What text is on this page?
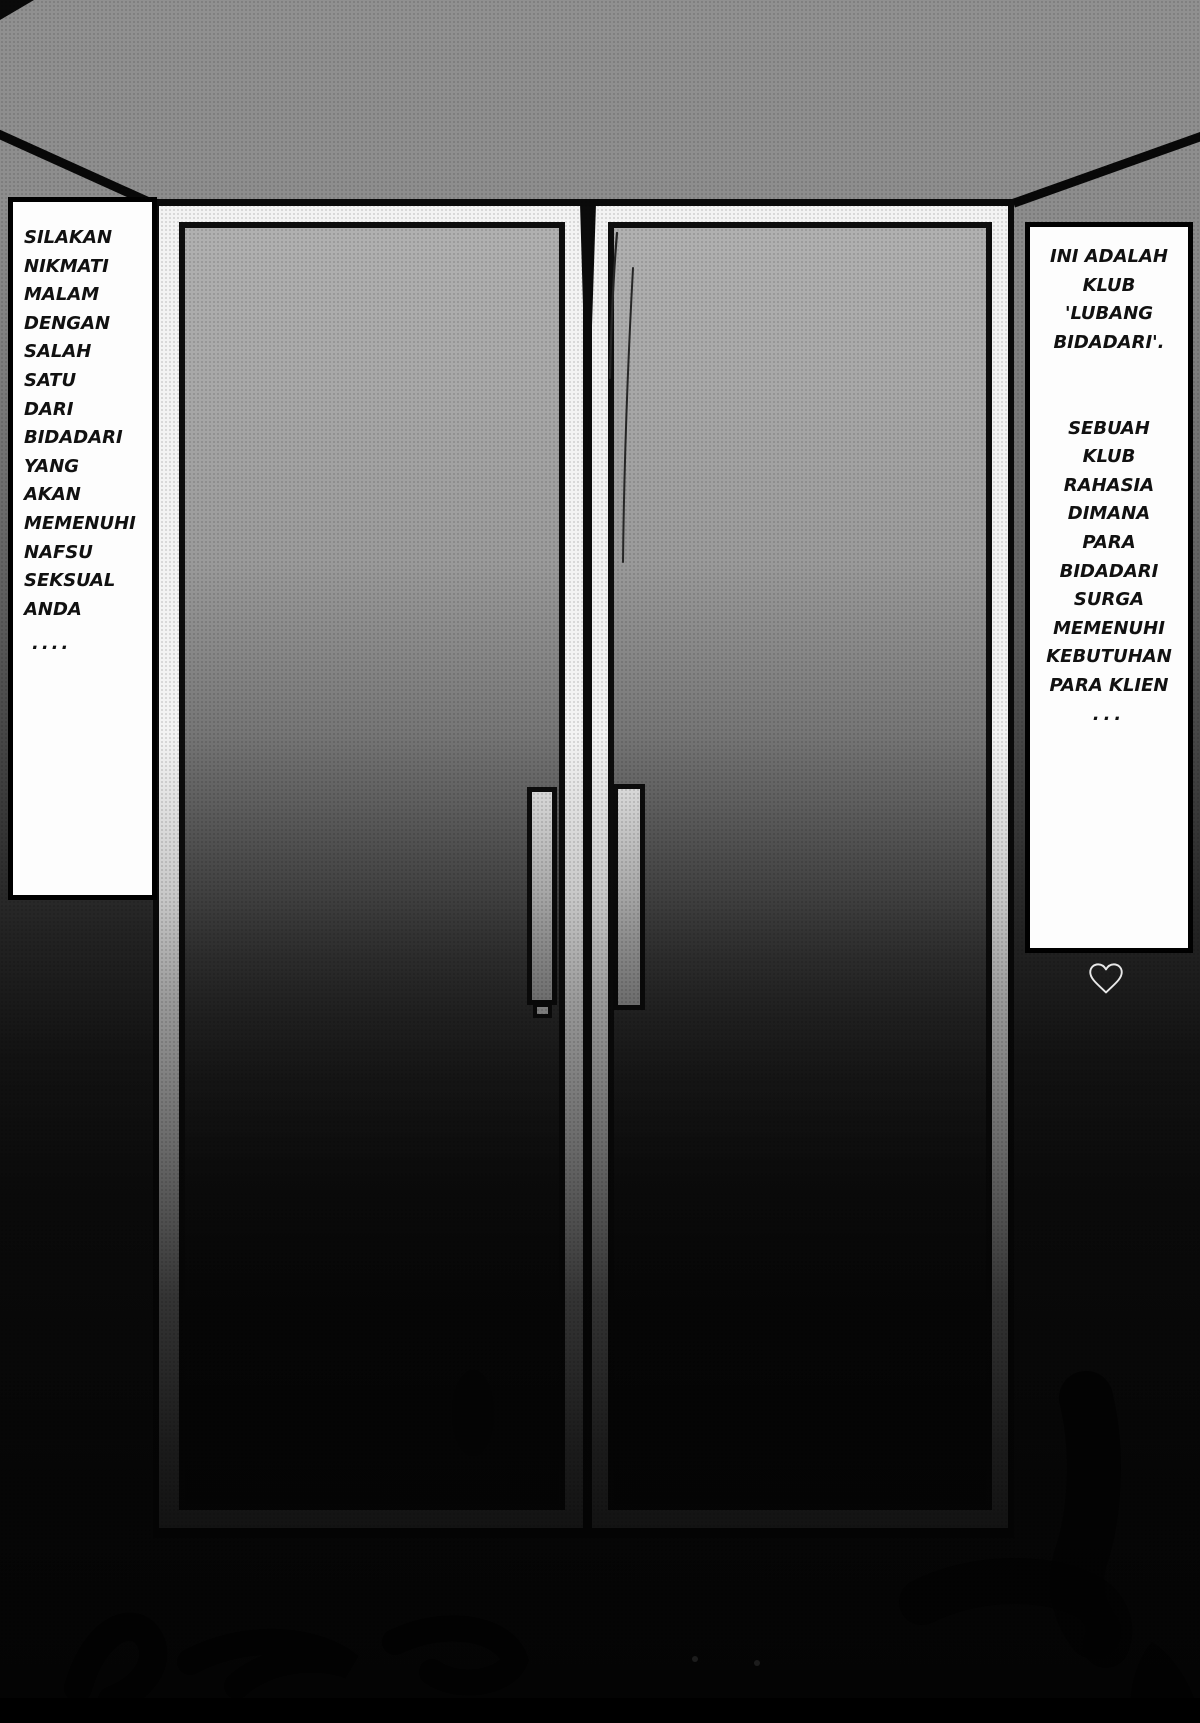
SILAKAN
NIKMATI
MALAM
DENGAN
SALAH
SATU
DARI
BIDADARI
YANG
AKAN
MEMENUHI
NAFSU
SEKSUAL
ANDA
....
INI ADALAH
KLUB
'LUBANG
BIDADARI'.
SEBUAH
KLUB
RAHASIA
DIMANA
PARA
BIDADARI
SURGA
MEMENUHI
KEBUTUHAN
PARA KLIEN
...
